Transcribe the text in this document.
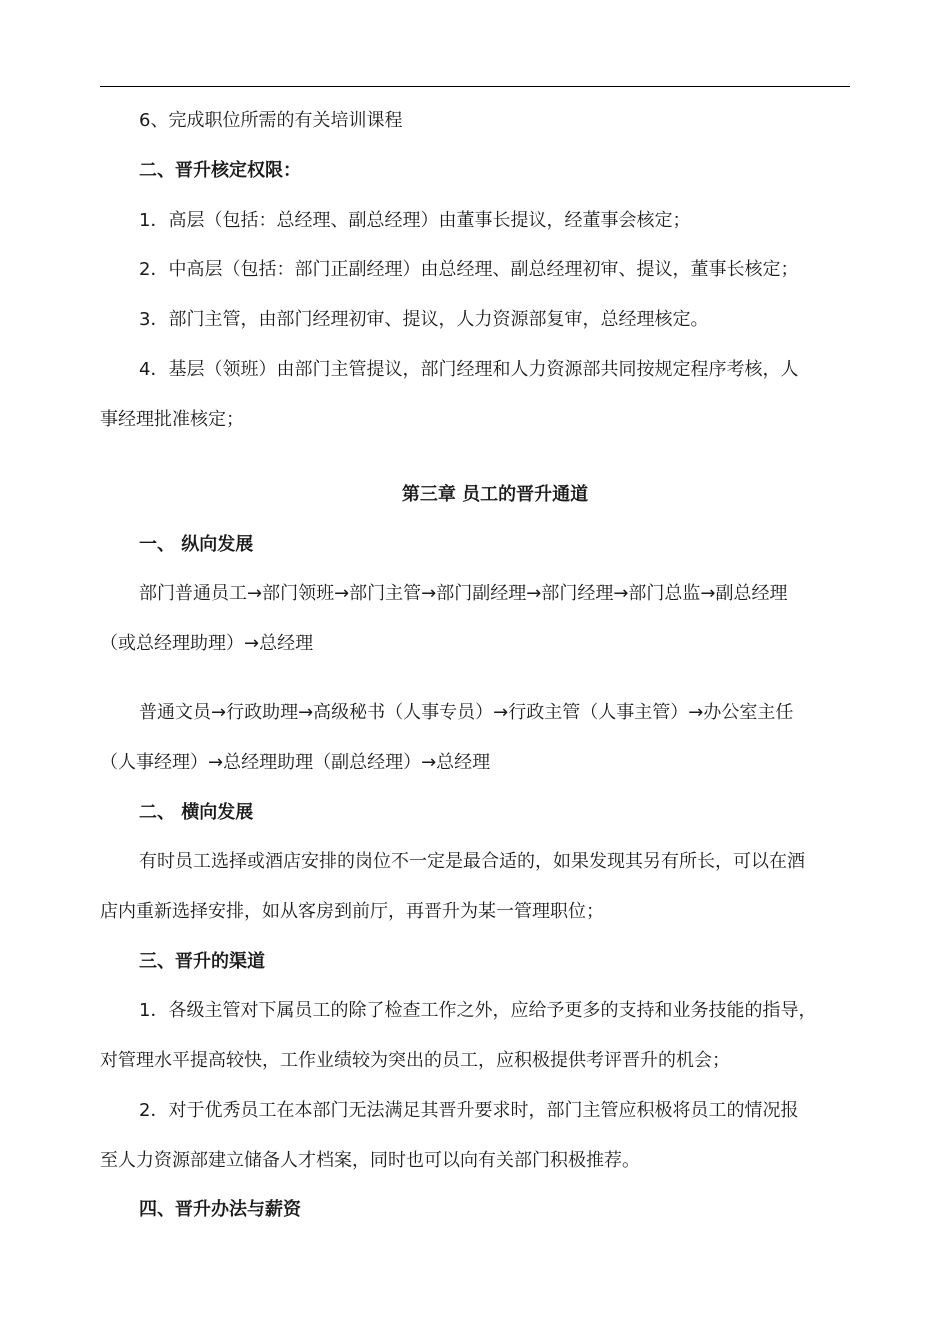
6、完成职位所需的有关培训课程
二、晋升核定权限：
1．高层（包括：总经理、副总经理）由董事长提议，经董事会核定；
2．中高层（包括：部门正副经理）由总经理、副总经理初审、提议，董事长核定；
3．部门主管，由部门经理初审、提议，人力资源部复审，总经理核定。
4．基层（领班）由部门主管提议，部门经理和人力资源部共同按规定程序考核，人
事经理批准核定；
第三章 员工的晋升通道
一、 纵向发展
部门普通员工→部门领班→部门主管→部门副经理→部门经理→部门总监→副总经理
（或总经理助理）→总经理
普通文员→行政助理→高级秘书（人事专员）→行政主管（人事主管）→办公室主任
（人事经理）→总经理助理（副总经理）→总经理
二、 横向发展
有时员工选择或酒店安排的岗位不一定是最合适的，如果发现其另有所长，可以在酒
店内重新选择安排，如从客房到前厅，再晋升为某一管理职位；
三、晋升的渠道
1．各级主管对下属员工的除了检查工作之外，应给予更多的支持和业务技能的指导，
对管理水平提高较快，工作业绩较为突出的员工，应积极提供考评晋升的机会；
2．对于优秀员工在本部门无法满足其晋升要求时，部门主管应积极将员工的情况报
至人力资源部建立储备人才档案，同时也可以向有关部门积极推荐。
四、晋升办法与薪资
